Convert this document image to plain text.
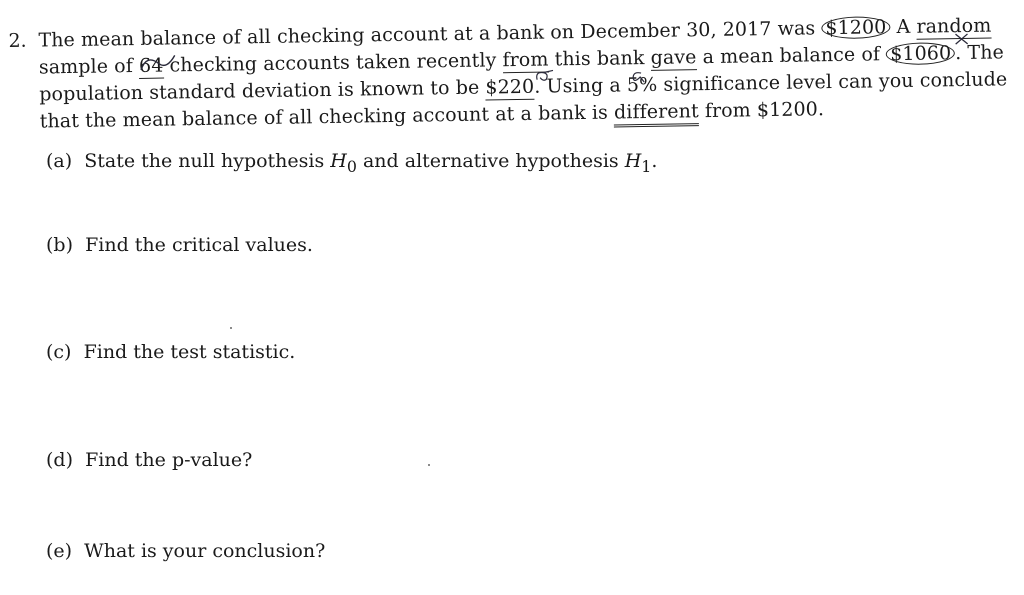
2. The mean balance of all checking account at a bank on December 30, 2017 was $1200 A random
sample of 64 checking accounts taken recently from this bank gave a mean balance of $1060 . The
population standard deviation is known to be $220. Using a 5% significance level can you conclude
that the mean balance of all checking account at a bank is different from $1200.
(a) State the null hypothesis $H_0$ and alternative hypothesis $H_1$.
(b) Find the critical values.
(c) Find the test statistic.
(d) Find the p-value?
(e) What is your conclusion?
